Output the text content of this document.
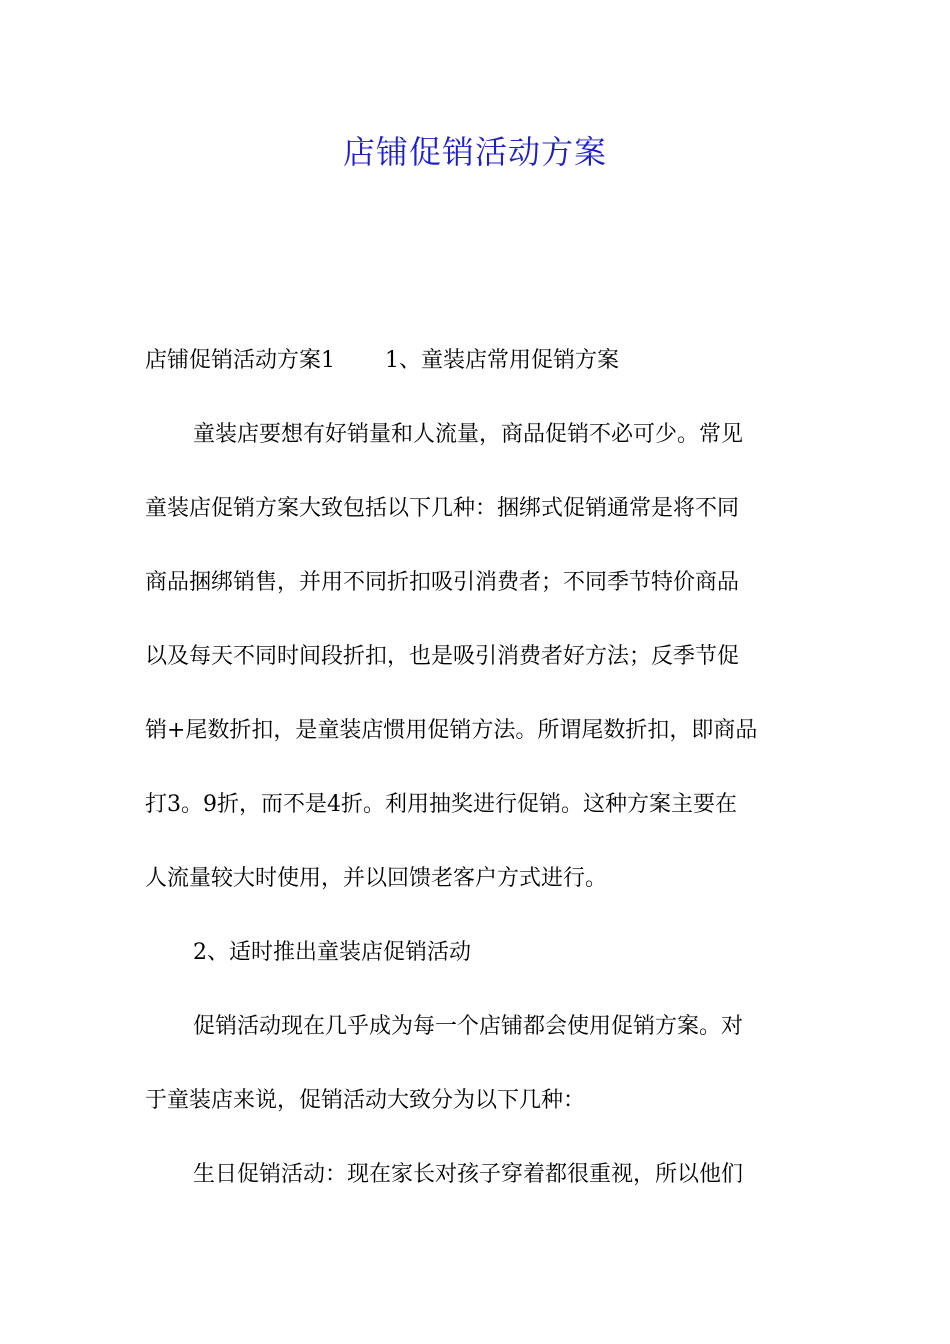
店铺促销活动方案
店铺促销活动方案1 1、童装店常用促销方案
童装店要想有好销量和人流量，商品促销不必可少。常见
童装店促销方案大致包括以下几种：捆绑式促销通常是将不同
商品捆绑销售，并用不同折扣吸引消费者；不同季节特价商品
以及每天不同时间段折扣，也是吸引消费者好方法；反季节促
销+尾数折扣，是童装店惯用促销方法。所谓尾数折扣，即商品
打3。9折，而不是4折。利用抽奖进行促销。这种方案主要在
人流量较大时使用，并以回馈老客户方式进行。
2、适时推出童装店促销活动
促销活动现在几乎成为每一个店铺都会使用促销方案。对
于童装店来说，促销活动大致分为以下几种：
生日促销活动：现在家长对孩子穿着都很重视，所以他们
